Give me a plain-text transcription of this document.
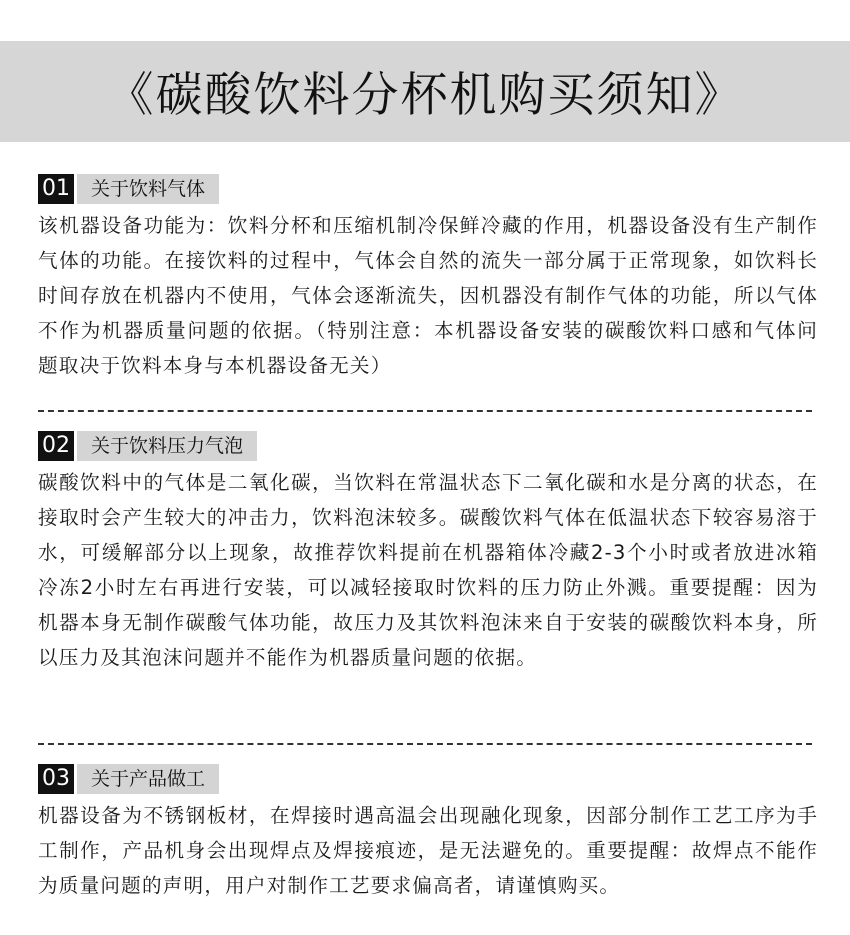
《碳酸饮料分杯机购买须知》
01	关于饮料气体
该机器设备功能为：饮料分杯和压缩机制冷保鲜冷藏的作用，机器设备没有生产制作气体的功能。在接饮料的过程中，气体会自然的流失一部分属于正常现象，如饮料长时间存放在机器内不使用，气体会逐渐流失，因机器没有制作气体的功能，所以气体不作为机器质量问题的依据。（特别注意：本机器设备安装的碳酸饮料口感和气体问题取决于饮料本身与本机器设备无关）
02	关于饮料压力气泡
碳酸饮料中的气体是二氧化碳，当饮料在常温状态下二氧化碳和水是分离的状态，在接取时会产生较大的冲击力，饮料泡沫较多。碳酸饮料气体在低温状态下较容易溶于水，可缓解部分以上现象，故推荐饮料提前在机器箱体冷藏2-3个小时或者放进冰箱冷冻2小时左右再进行安装，可以减轻接取时饮料的压力防止外溅。重要提醒：因为机器本身无制作碳酸气体功能，故压力及其饮料泡沫来自于安装的碳酸饮料本身，所以压力及其泡沫问题并不能作为机器质量问题的依据。
03	关于产品做工
机器设备为不锈钢板材，在焊接时遇高温会出现融化现象，因部分制作工艺工序为手工制作，产品机身会出现焊点及焊接痕迹，是无法避免的。重要提醒：故焊点不能作为质量问题的声明，用户对制作工艺要求偏高者，请谨慎购买。
